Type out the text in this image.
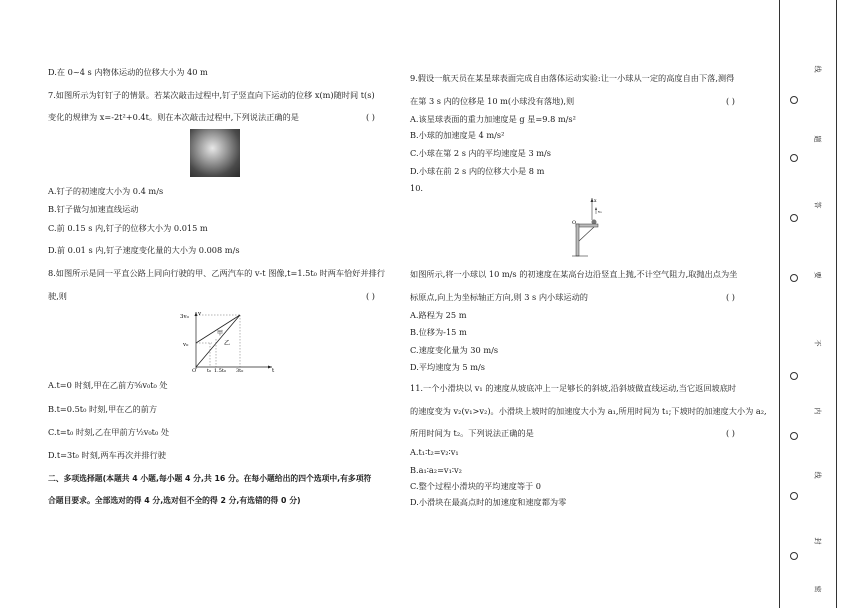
D.在 0~4 s 内物体运动的位移大小为 40 m
7.如图所示为钉钉子的情景。若某次敲击过程中,钉子竖直向下运动的位移 x(m)随时间 t(s)
变化的规律为 x=-2t²+0.4t。则在本次敲击过程中,下列说法正确的是	( )
A.钉子的初速度大小为 0.4 m/s
B.钉子做匀加速直线运动
C.前 0.15 s 内,钉子的位移大小为 0.015 m
D.前 0.01 s 内,钉子速度变化量的大小为 0.008 m/s
8.如图所示是同一平直公路上同向行驶的甲、乙两汽车的 v-t 图像,t=1.5t₀ 时两车恰好并排行
驶,则	( )
3v₀
v₀
O t₀ 1.5t₀ 3t₀	t
v
甲
乙
A.t=0 时刻,甲在乙前方⁵⁄₈v₀t₀ 处
B.t=0.5t₀ 时刻,甲在乙的前方
C.t=t₀ 时刻,乙在甲前方½v₀t₀ 处
D.t=3t₀ 时刻,两车再次并排行驶
二、多项选择题(本题共 4 小题,每小题 4 分,共 16 分。在每小题给出的四个选项中,有多项符
合题目要求。全部选对的得 4 分,选对但不全的得 2 分,有选错的得 0 分)
9.假设一航天员在某星球表面完成自由落体运动实验:让一小球从一定的高度自由下落,测得
在第 3 s 内的位移是 10 m(小球没有落地),则	( )
A.该星球表面的重力加速度是 g 星=9.8 m/s²
B.小球的加速度是 4 m/s²
C.小球在第 2 s 内的平均速度是 3 m/s
D.小球在前 2 s 内的位移大小是 8 m
10.
x
v₀
O
如图所示,将一小球以 10 m/s 的初速度在某高台边沿竖直上抛,不计空气阻力,取抛出点为坐
标原点,向上为坐标轴正方向,则 3 s 内小球运动的	( )
A.路程为 25 m
B.位移为-15 m
C.速度变化量为 30 m/s
D.平均速度为 5 m/s
11.一个小滑块以 v₁ 的速度从坡底冲上一足够长的斜坡,沿斜坡做直线运动,当它返回坡底时
的速度变为 v₂(v₁>v₂)。小滑块上坡时的加速度大小为 a₁,所用时间为 t₁;下坡时的加速度大小为 a₂,
所用时间为 t₂。下列说法正确的是	( )
A.t₁∶t₂=v₂∶v₁
B.a₁∶a₂=v₁∶v₂
C.整个过程小滑块的平均速度等于 0
D.小滑块在最高点时的加速度和速度都为零
线
题
答
要
不
内
线
封
密
